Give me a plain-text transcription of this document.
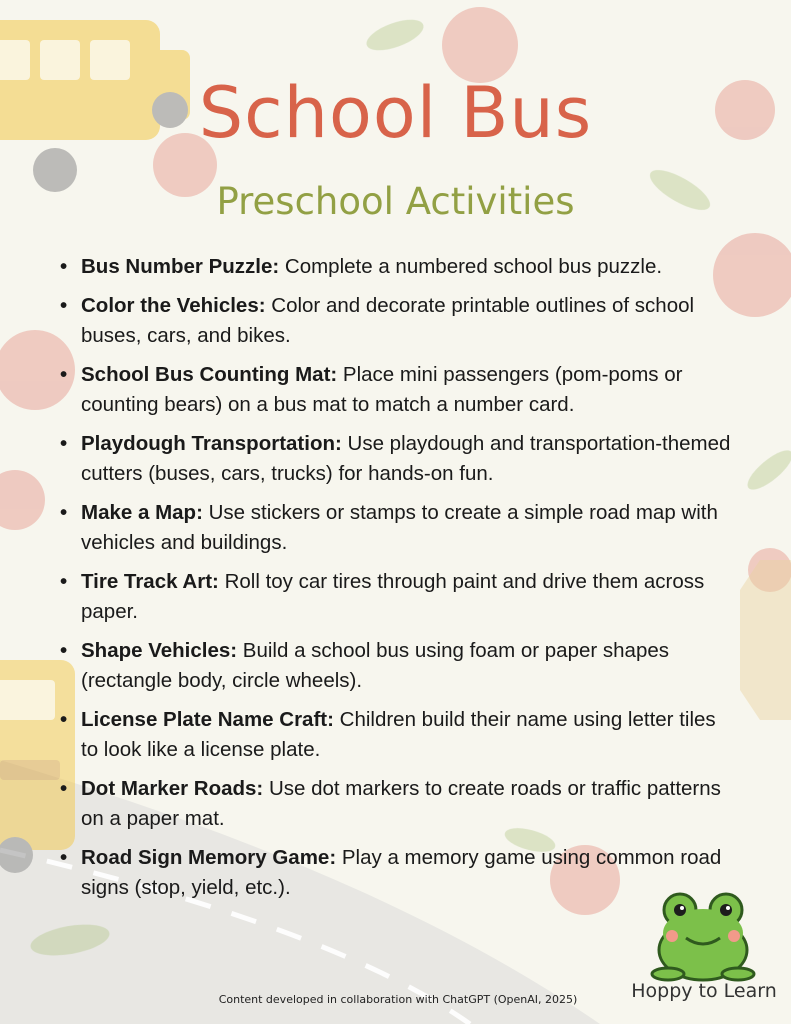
School Bus
Preschool Activities
• Bus Number Puzzle: Complete a numbered school bus puzzle.
• Color the Vehicles: Color and decorate printable outlines of school buses, cars, and bikes.
• School Bus Counting Mat: Place mini passengers (pom-poms or counting bears) on a bus mat to match a number card.
• Playdough Transportation: Use playdough and transportation-themed cutters (buses, cars, trucks) for hands-on fun.
• Make a Map: Use stickers or stamps to create a simple road map with vehicles and buildings.
• Tire Track Art: Roll toy car tires through paint and drive them across paper.
• Shape Vehicles: Build a school bus using foam or paper shapes (rectangle body, circle wheels).
• License Plate Name Craft: Children build their name using letter tiles to look like a license plate.
• Dot Marker Roads: Use dot markers to create roads or traffic patterns on a paper mat.
• Road Sign Memory Game: Play a memory game using common road signs (stop, yield, etc.).
Content developed in collaboration with ChatGPT (OpenAI, 2025)	Hoppy to Learn
